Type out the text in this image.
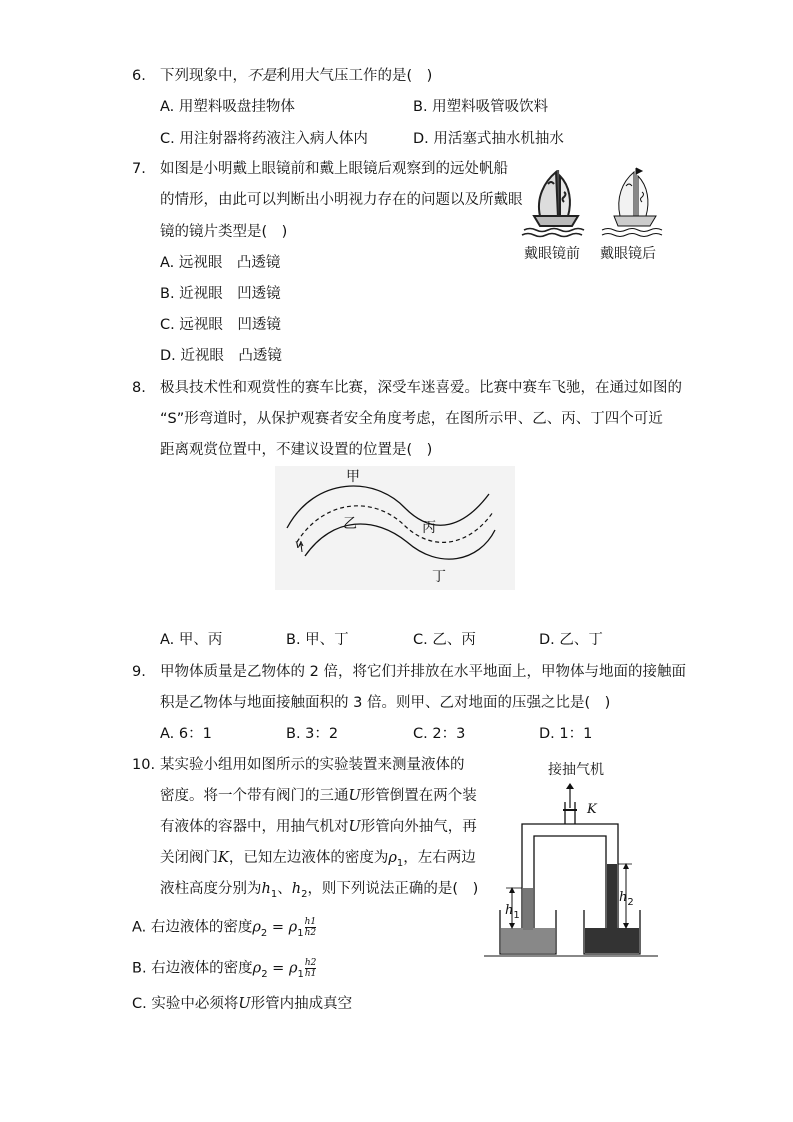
6. 下列现象中，不是利用大气压工作的是(　)
A. 用塑料吸盘挂物体	B. 用塑料吸管吸饮料
C. 用注射器将药液注入病人体内	D. 用活塞式抽水机抽水
7. 如图是小明戴上眼镜前和戴上眼镜后观察到的远处帆船
的情形，由此可以判断出小明视力存在的问题以及所戴眼
镜的镜片类型是(　)
A. 远视眼　凸透镜
B. 近视眼　凹透镜
C. 远视眼　凹透镜
D. 近视眼　凸透镜
戴眼镜前 戴眼镜后
8. 极具技术性和观赏性的赛车比赛，深受车迷喜爱。比赛中赛车飞驰，在通过如图的
“S”形弯道时，从保护观赛者安全角度考虑，在图所示甲、乙、丙、丁四个可近
距离观赏位置中，不建议设置的位置是(　)
甲
乙	丙
丁
v
A. 甲、丙	B. 甲、丁	C. 乙、丙	D. 乙、丁
9. 甲物体质量是乙物体的 2 倍，将它们并排放在水平地面上，甲物体与地面的接触面
积是乙物体与地面接触面积的 3 倍。则甲、乙对地面的压强之比是(　)
A. 6：1	B. 3：2	C. 2：3	D. 1：1
10. 某实验小组用如图所示的实验装置来测量液体的
密度。将一个带有阀门的三通U形管倒置在两个装
有液体的容器中，用抽气机对U形管向外抽气，再
关闭阀门K，已知左边液体的密度为$\rho_1$，左右两边
液柱高度分别为$h_1$、$h_2$，则下列说法正确的是(　)
A. 右边液体的密度$\rho_2 = \rho_1 \frac{h1}{h2}$
B. 右边液体的密度$\rho_2 = \rho_1 \frac{h2}{h1}$
C. 实验中必须将U形管内抽成真空
接抽气机
K
$h_1$
$h_2$
